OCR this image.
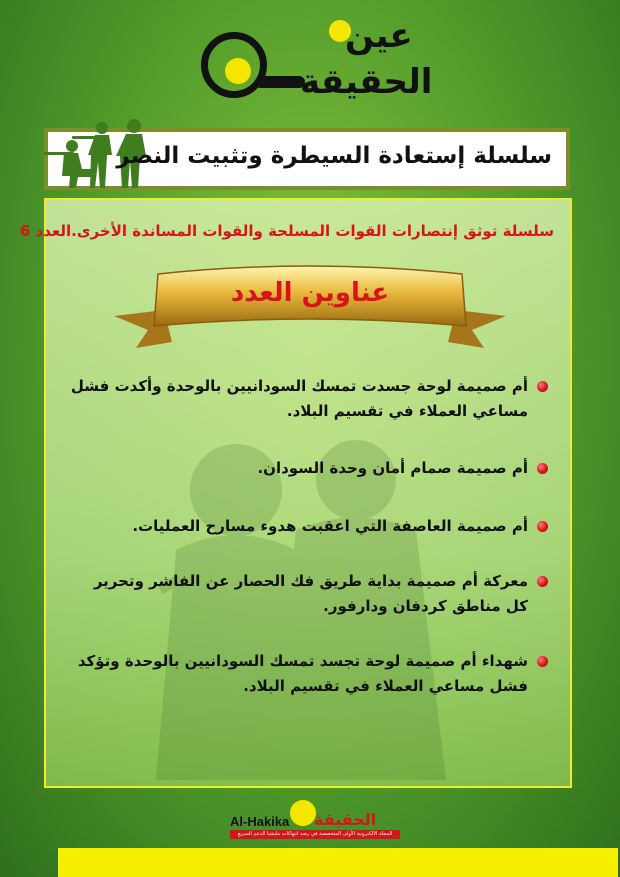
عين
الحقيقة
سلسلة إستعادة السيطرة وتثبيت النصر
سلسلة توثق إنتصارات القوات المسلحة والقوات المساندة الأخرى.العدد 6
عناوين العدد
أم صميمة لوحة جسدت تمسك السودانيين بالوحدة وأكدت فشل مساعي العملاء في تقسيم البلاد.
أم صميمة صمام أمان وحدة السودان.
أم صميمة العاصفة التي اعقبت هدوء مسارح العمليات.
معركة أم صميمة بداية طريق فك الحصار عن الفاشر وتحرير كل مناطق كردفان ودارفور.
شهداء أم صميمة لوحة تجسد تمسك السودانيين بالوحدة وتؤكد فشل مساعي العملاء في تقسيم البلاد.
Al-Hakika الحقيقة
المجلة الالكترونية الأولى المتخصصة في رصد انتهاكات مليشيا الدعم السريع
